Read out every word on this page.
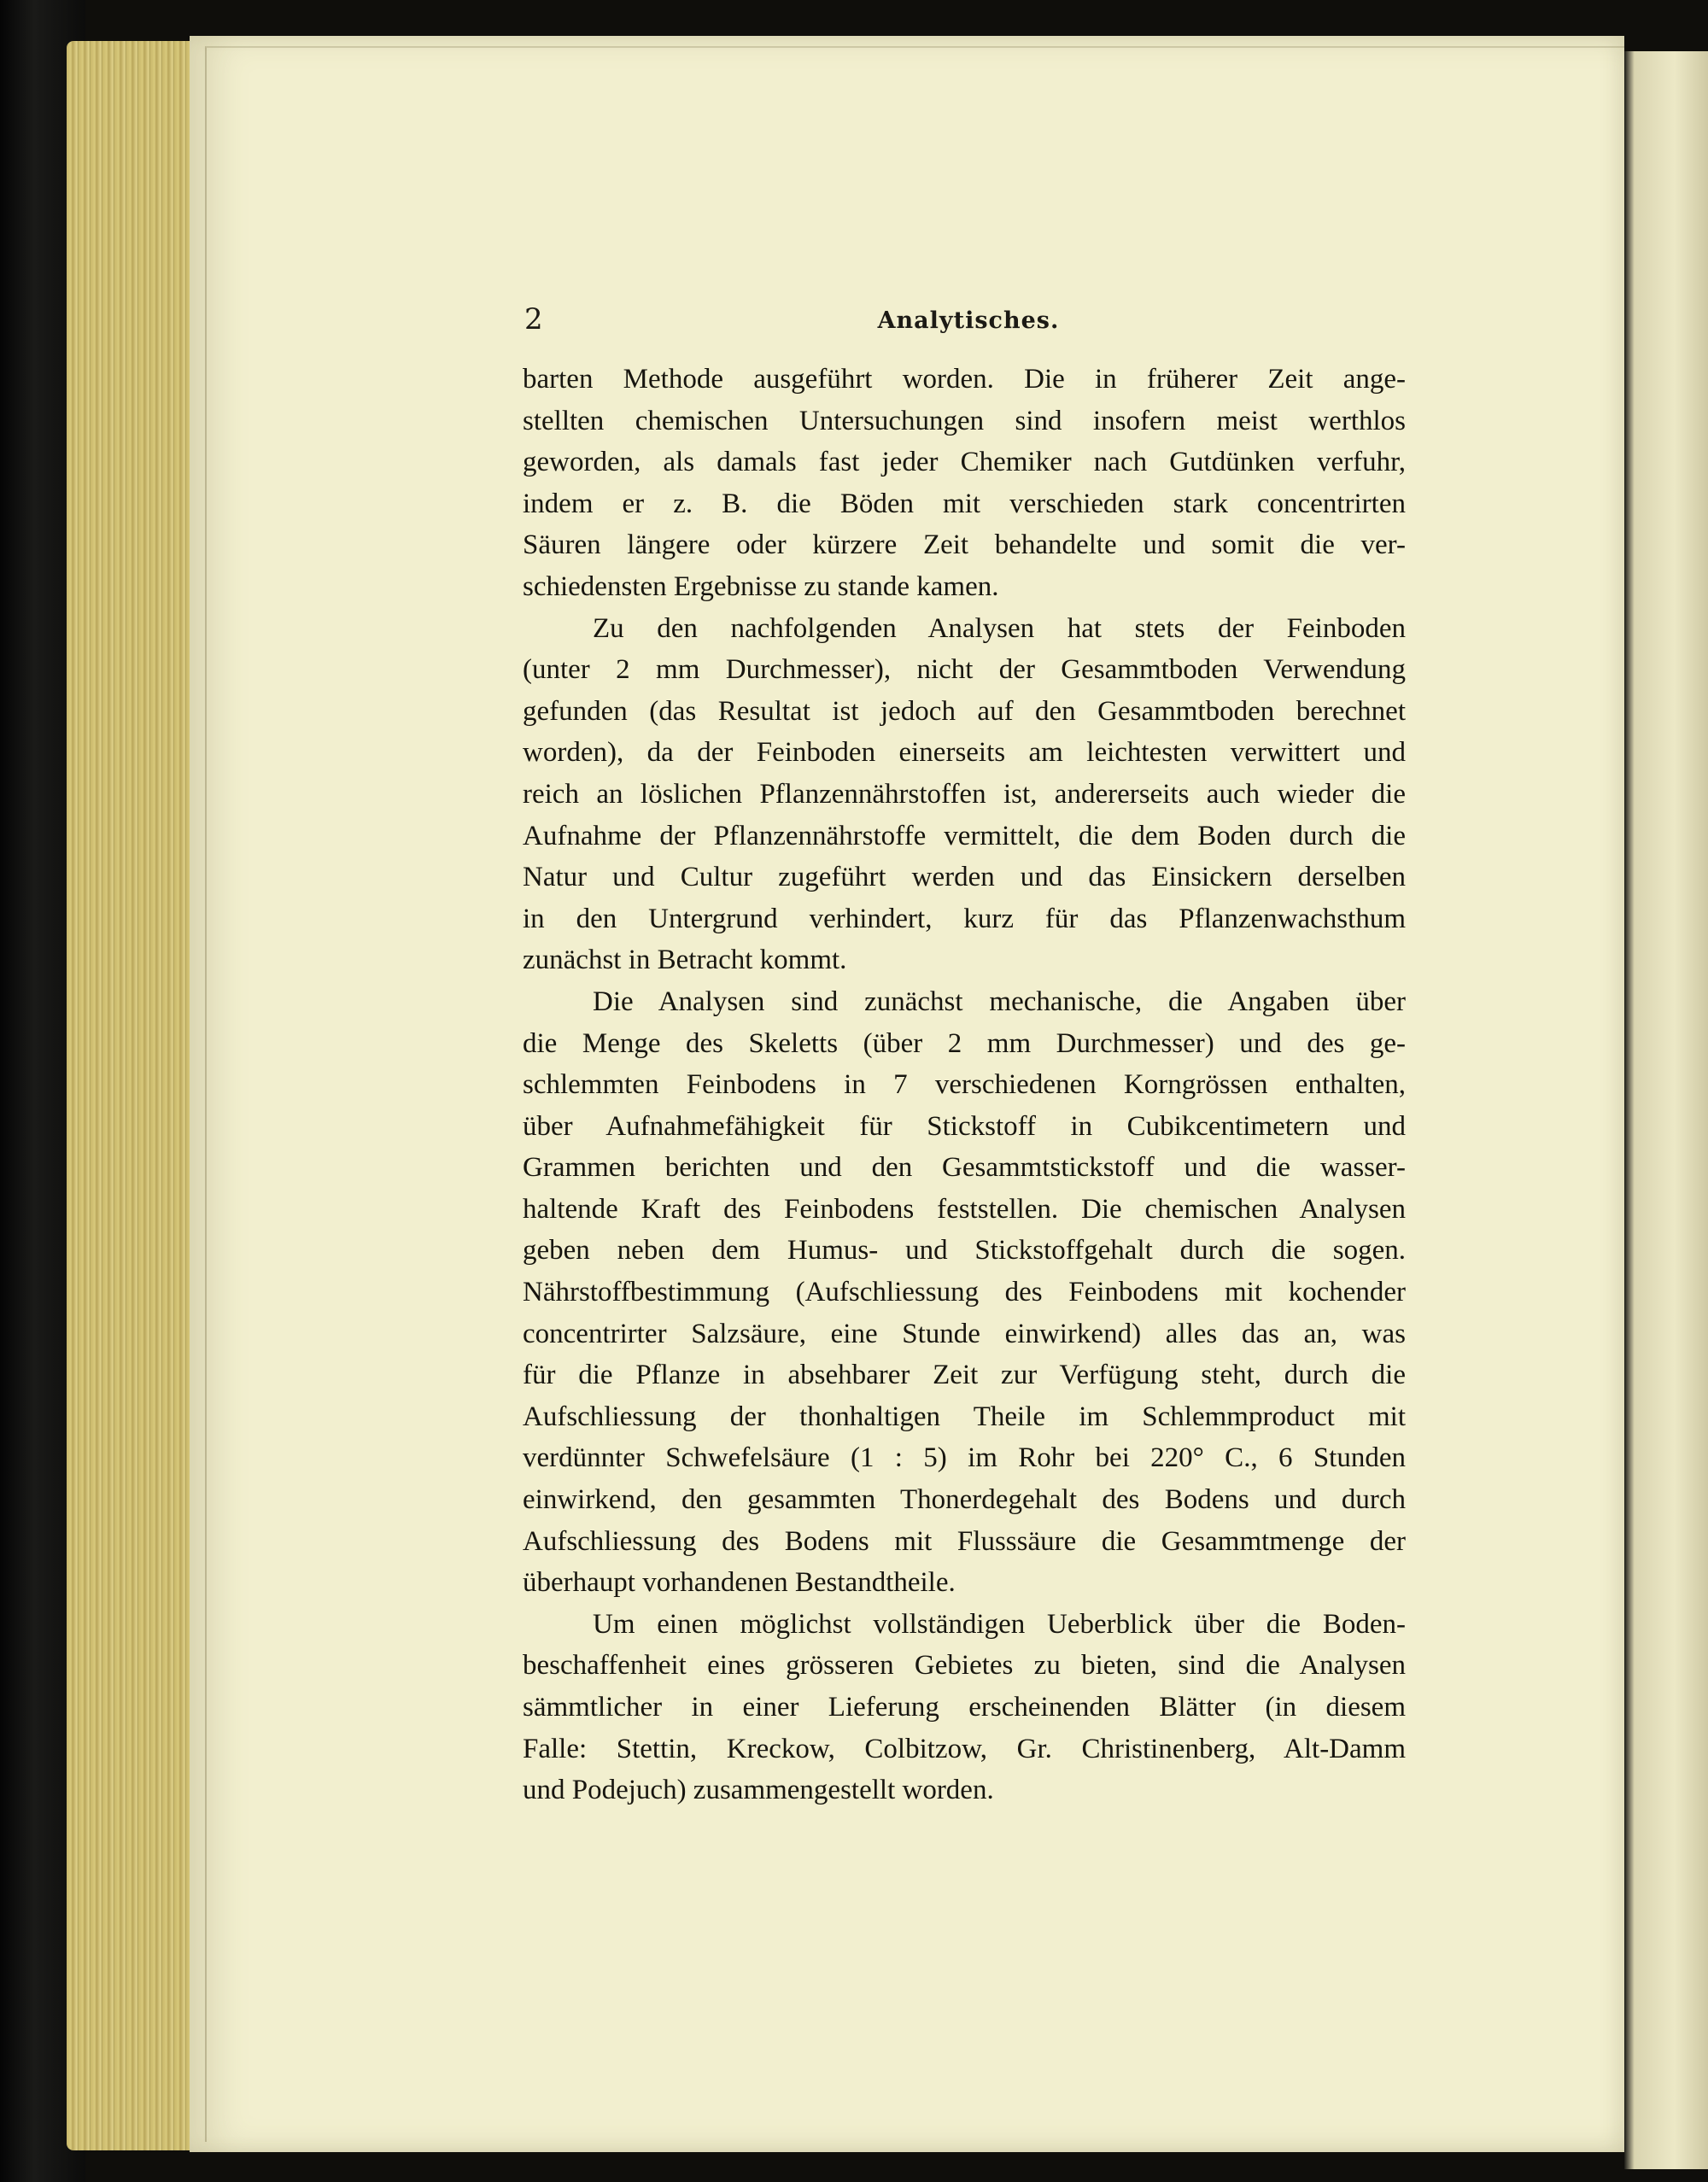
2	Analytisches.
barten Methode ausgeführt worden. Die in früherer Zeit ange-
stellten chemischen Untersuchungen sind insofern meist werthlos
geworden, als damals fast jeder Chemiker nach Gutdünken verfuhr,
indem er z. B. die Böden mit verschieden stark concentrirten
Säuren längere oder kürzere Zeit behandelte und somit die ver-
schiedensten Ergebnisse zu stande kamen.
Zu den nachfolgenden Analysen hat stets der Feinboden
(unter 2 mm Durchmesser), nicht der Gesammtboden Verwendung
gefunden (das Resultat ist jedoch auf den Gesammtboden berechnet
worden), da der Feinboden einerseits am leichtesten verwittert und
reich an löslichen Pflanzennährstoffen ist, andererseits auch wieder die
Aufnahme der Pflanzennährstoffe vermittelt, die dem Boden durch die
Natur und Cultur zugeführt werden und das Einsickern derselben
in den Untergrund verhindert, kurz für das Pflanzenwachsthum
zunächst in Betracht kommt.
Die Analysen sind zunächst mechanische, die Angaben über
die Menge des Skeletts (über 2 mm Durchmesser) und des ge-
schlemmten Feinbodens in 7 verschiedenen Korngrössen enthalten,
über Aufnahmefähigkeit für Stickstoff in Cubikcentimetern und
Grammen berichten und den Gesammtstickstoff und die wasser-
haltende Kraft des Feinbodens feststellen. Die chemischen Analysen
geben neben dem Humus- und Stickstoffgehalt durch die sogen.
Nährstoffbestimmung (Aufschliessung des Feinbodens mit kochender
concentrirter Salzsäure, eine Stunde einwirkend) alles das an, was
für die Pflanze in absehbarer Zeit zur Verfügung steht, durch die
Aufschliessung der thonhaltigen Theile im Schlemmproduct mit
verdünnter Schwefelsäure (1 : 5) im Rohr bei 220° C., 6 Stunden
einwirkend, den gesammten Thonerdegehalt des Bodens und durch
Aufschliessung des Bodens mit Flusssäure die Gesammtmenge der
überhaupt vorhandenen Bestandtheile.
Um einen möglichst vollständigen Ueberblick über die Boden-
beschaffenheit eines grösseren Gebietes zu bieten, sind die Analysen
sämmtlicher in einer Lieferung erscheinenden Blätter (in diesem
Falle: Stettin, Kreckow, Colbitzow, Gr. Christinenberg, Alt-Damm
und Podejuch) zusammengestellt worden.
